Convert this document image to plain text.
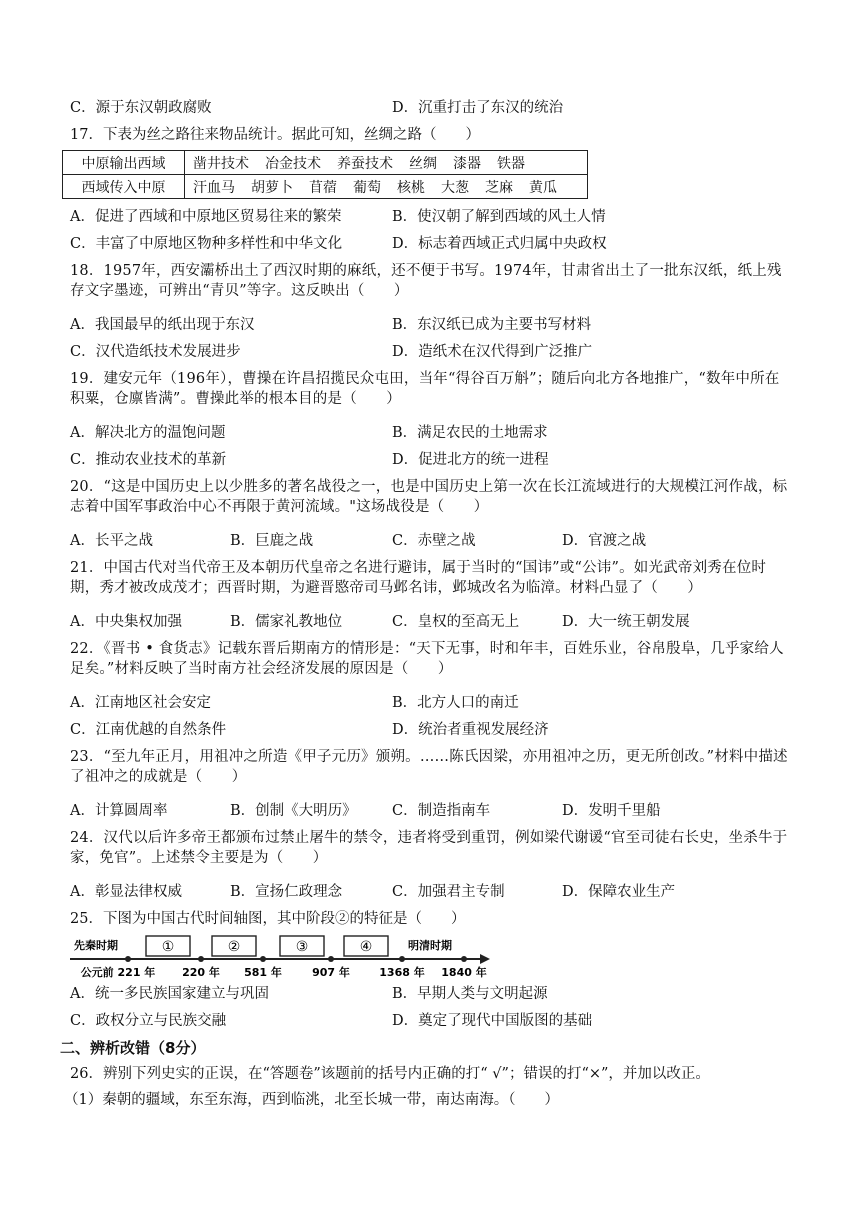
C．源于东汉朝政腐败	D．沉重打击了东汉的统治
17．下表为丝之路往来物品统计。据此可知，丝绸之路（　　）
中原输出西域	凿井技术 冶金技术 养蚕技术 丝绸 漆器 铁器
西域传入中原	汗血马 胡萝卜 苜蓿 葡萄 核桃 大葱 芝麻 黄瓜
A．促进了西域和中原地区贸易往来的繁荣	B．使汉朝了解到西域的风土人情
C．丰富了中原地区物种多样性和中华文化	D．标志着西域正式归属中央政权
18．1957年，西安灞桥出土了西汉时期的麻纸，还不便于书写。1974年，甘肃省出土了一批东汉纸，纸上残存文字墨迹，可辨出“青贝”等字。这反映出（　　）
A．我国最早的纸出现于东汉	B．东汉纸已成为主要书写材料
C．汉代造纸技术发展进步	D．造纸术在汉代得到广泛推广
19．建安元年（196年），曹操在许昌招揽民众屯田，当年“得谷百万斛”；随后向北方各地推广，“数年中所在积粟，仓廪皆满”。曹操此举的根本目的是（　　）
A．解决北方的温饱问题	B．满足农民的土地需求
C．推动农业技术的革新	D．促进北方的统一进程
20．“这是中国历史上以少胜多的著名战役之一，也是中国历史上第一次在长江流域进行的大规模江河作战，标志着中国军事政治中心不再限于黄河流域。"这场战役是（　　）
A．长平之战	B．巨鹿之战	C．赤壁之战	D．官渡之战
21．中国古代对当代帝王及本朝历代皇帝之名进行避讳，属于当时的“国讳”或“公讳”。如光武帝刘秀在位时期，秀才被改成茂才；西晋时期，为避晋愍帝司马邺名讳，邺城改名为临漳。材料凸显了（　　）
A．中央集权加强	B．儒家礼教地位	C．皇权的至高无上	D．大一统王朝发展
22．《晋书 • 食货志》记载东晋后期南方的情形是：“天下无事，时和年丰，百姓乐业，谷帛殷阜，几乎家给人足矣。”材料反映了当时南方社会经济发展的原因是（　　）
A．江南地区社会安定	B．北方人口的南迁
C．江南优越的自然条件	D．统治者重视发展经济
23．“至九年正月，用祖冲之所造《甲子元历》颁朔。……陈氏因梁，亦用祖冲之历，更无所创改。”材料中描述了祖冲之的成就是（　　）
A．计算圆周率	B．创制《大明历》 C．制造指南车	D．发明千里船
24．汉代以后许多帝王都颁布过禁止屠牛的禁令，违者将受到重罚，例如梁代谢谖“官至司徒右长史，坐杀牛于家，免官”。上述禁令主要是为（　　）
A．彰显法律权威	B．宣扬仁政理念	C．加强君主专制	D．保障农业生产
25．下图为中国古代时间轴图，其中阶段②的特征是（　　）
先秦时期	明清时期
①	②	③	④
公元前 221 年 220 年 581 年	907 年	1368 年 1840 年
A．统一多民族国家建立与巩固	B．早期人类与文明起源
C．政权分立与民族交融	D．奠定了现代中国版图的基础
二、辨析改错（8分）
26．辨别下列史实的正误，在“答题卷”该题前的括号内正确的打“ √”；错误的打“×”，并加以改正。
（1）秦朝的疆域，东至东海，西到临洮，北至长城一带，南达南海。（　　）
